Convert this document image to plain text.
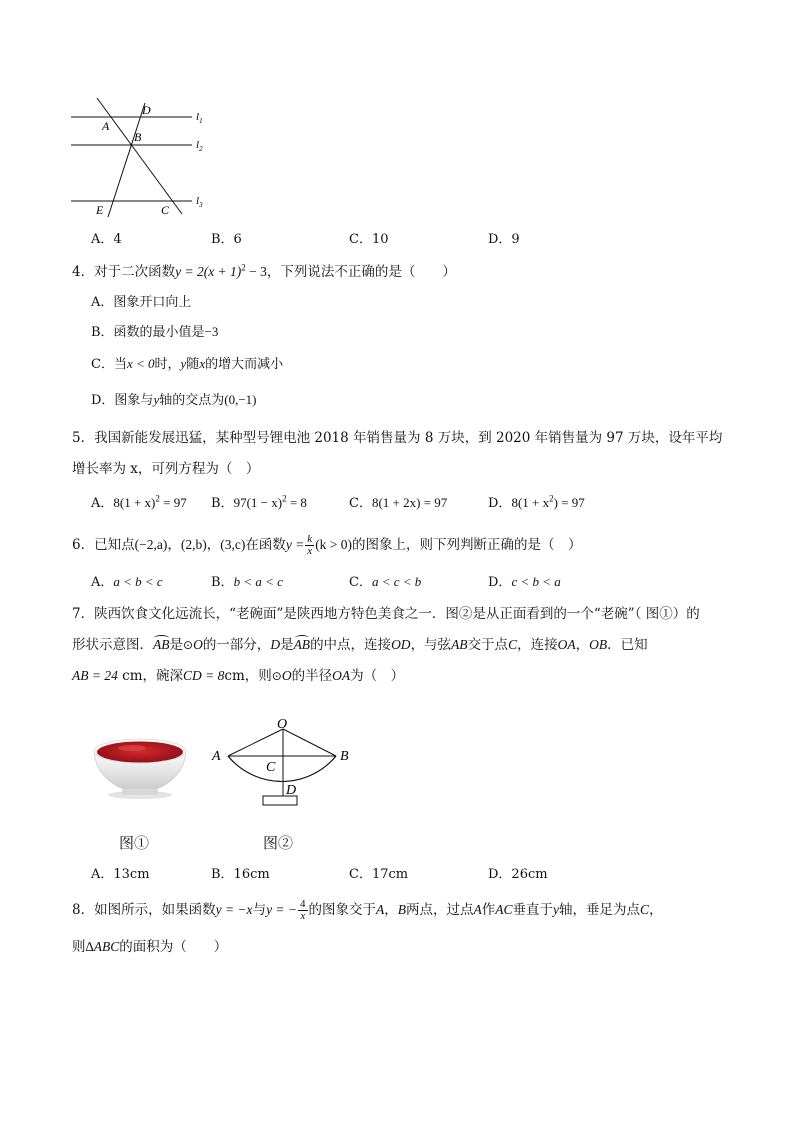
A
B
D
E	C
$l_1$
$l_2$
$l_3$
A．4	B．6	C．10	D．9
4．对于二次函数$y = 2(x + 1)^2 - 3$，下列说法不正确的是（　　）
A．图象开口向上
B．函数的最小值是−3
C．当x < 0时，y随x的增大而减小
D．图象与y轴的交点为(0,−1)
5．我国新能发展迅猛，某种型号锂电池 2018 年销售量为 8 万块，到 2020 年销售量为 97 万块，设年平均
增长率为 x，可列方程为（　）
A．$8(1 + x)^2 = 97$ B．$97(1 - x)^2 = 8$	C．8(1 + 2x) = 97	D．$8(1 + x^2) = 97$
6．已知点(−2,a)，(2,b)，(3,c)在函数$y = \frac{k}{x} (k > 0)$的图象上，则下列判断正确的是（　）
A．a < b < c	B．b < a < c	C．a < c < b	D．c < b < a
7．陕西饮食文化远流长，“老碗面”是陕西地方特色美食之一．图②是从正面看到的一个“老碗”（ 图①）的
形状示意图．AB是⊙O的一部分，D是AB的中点，连接OD，与弦AB交于点C，连接OA，OB．已知
AB = 24 cm，碗深CD = 8cm，则⊙O的半径OA为（　）
图①
O
A	B
C
D
图②
A．13cm	B．16cm	C．17cm	D．26cm
8．如图所示，如果函数y = −x与y = − $\frac{4}{x}$ 的图象交于A，B两点，过点A作AC垂直于y轴，垂足为点C，
则∆ABC的面积为（　　）
